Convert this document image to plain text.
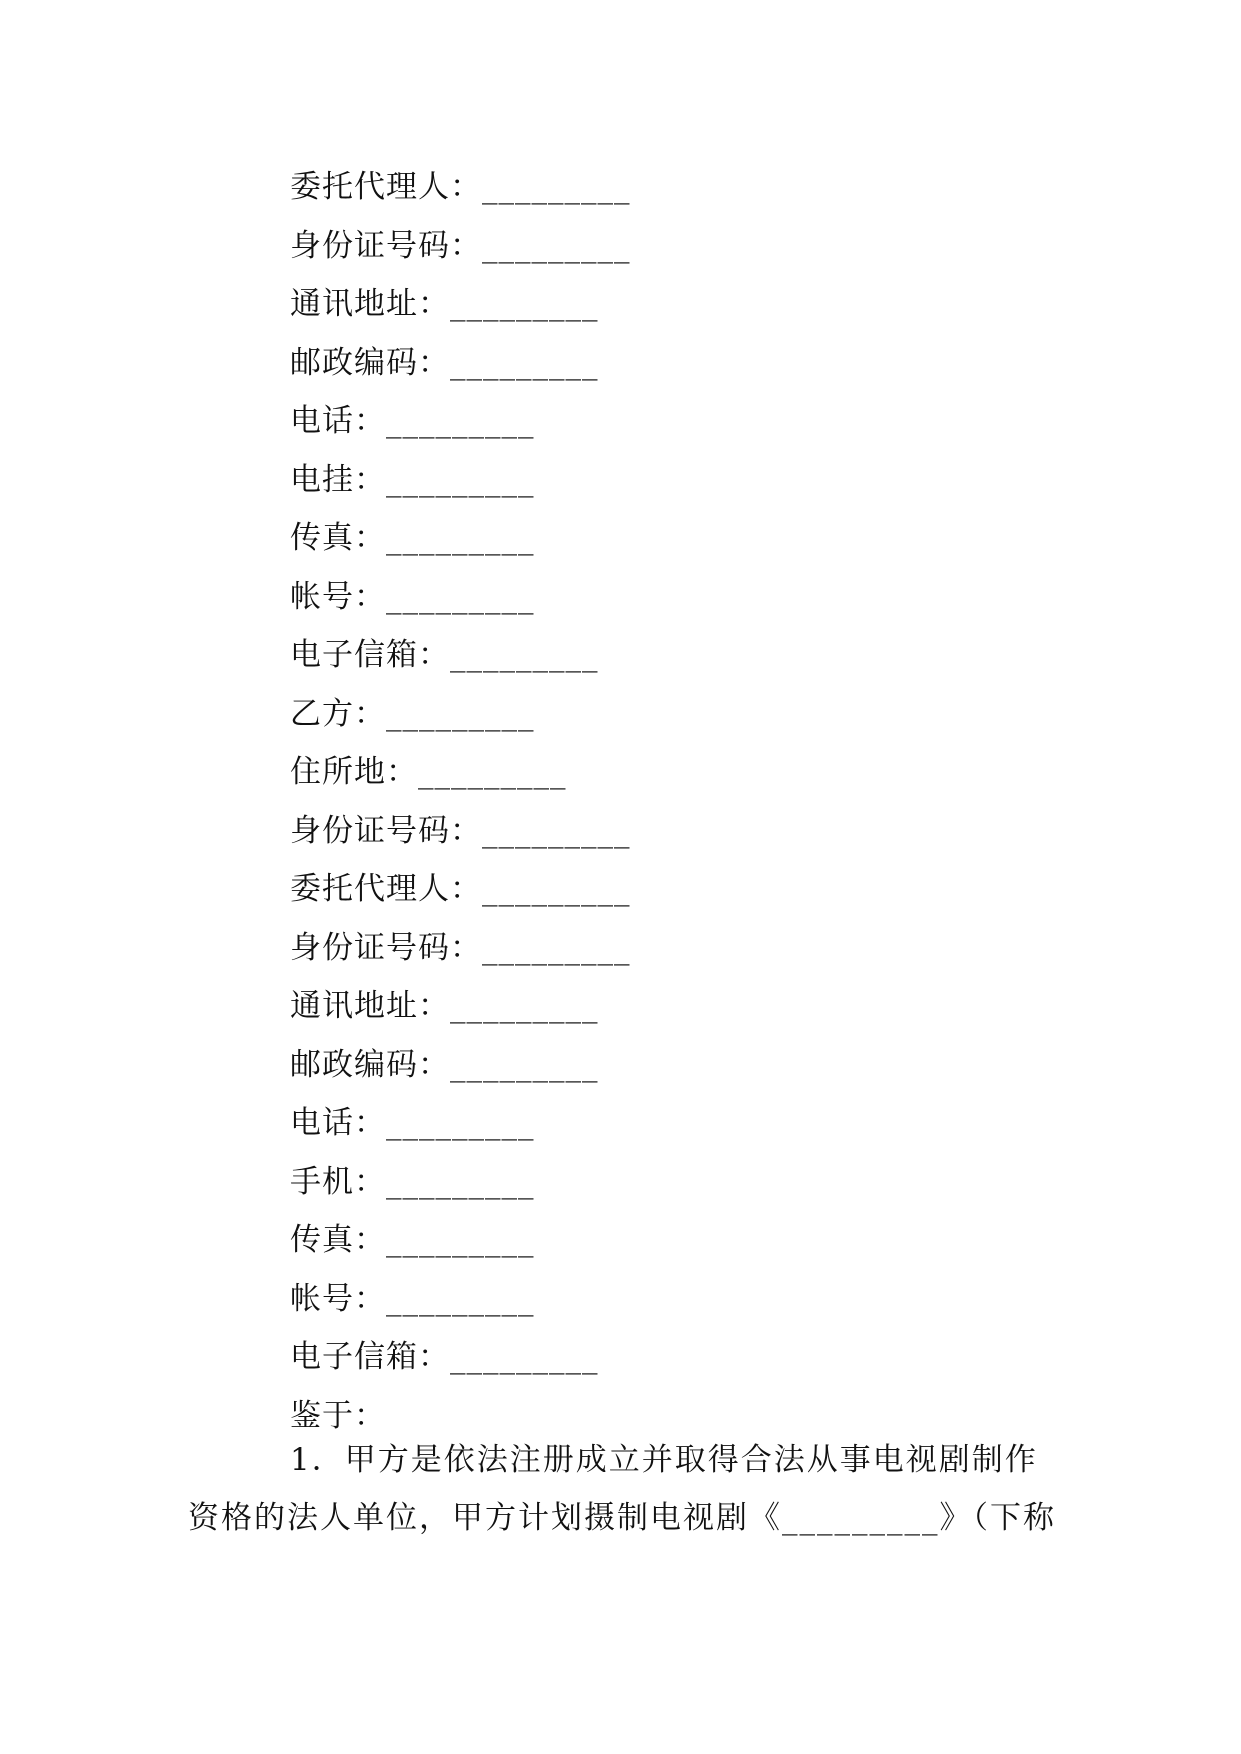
委托代理人：_________
身份证号码：_________
通讯地址：_________
邮政编码：_________
电话：_________
电挂：_________
传真：_________
帐号：_________
电子信箱：_________
乙方：_________
住所地：_________
身份证号码：_________
委托代理人：_________
身份证号码：_________
通讯地址：_________
邮政编码：_________
电话：_________
手机：_________
传真：_________
帐号：_________
电子信箱：_________
鉴于：

1．甲方是依法注册成立并取得合法从事电视剧制作资格的法人单位，甲方计划摄制电视剧《_________》（下称
